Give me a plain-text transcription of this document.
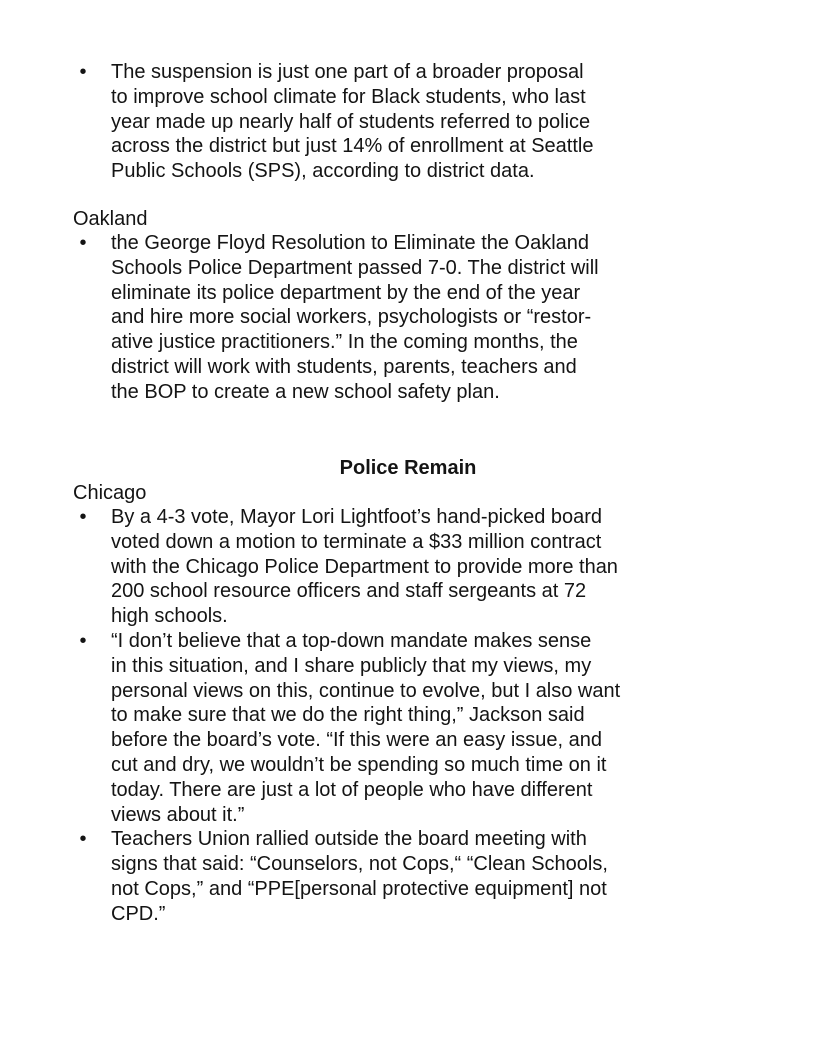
•	The suspension is just one part of a broader proposal
to improve school climate for Black students, who last
year made up nearly half of students referred to police
across the district but just 14% of enrollment at Seattle
Public Schools (SPS), according to district data.

Oakland

•	the George Floyd Resolution to Eliminate the Oakland
Schools Police Department passed 7-0. The district will
eliminate its police department by the end of the year
and hire more social workers, psychologists or “restor-
ative justice practitioners.” In the coming months, the
district will work with students, parents, teachers and
the BOP to create a new school safety plan.
Police Remain

Chicago

•	By a 4-3 vote, Mayor Lori Lightfoot’s hand-picked board
voted down a motion to terminate a $33 million contract
with the Chicago Police Department to provide more than
200 school resource officers and staff sergeants at 72
high schools.
•	“I don’t believe that a top-down mandate makes sense
in this situation, and I share publicly that my views, my
personal views on this, continue to evolve, but I also want
to make sure that we do the right thing,” Jackson said
before the board’s vote. “If this were an easy issue, and
cut and dry, we wouldn’t be spending so much time on it
today. There are just a lot of people who have different
views about it.”
•	Teachers Union rallied outside the board meeting with
signs that said: “Counselors, not Cops,“ “Clean Schools,
not Cops,” and “PPE[personal protective equipment] not
CPD.”
